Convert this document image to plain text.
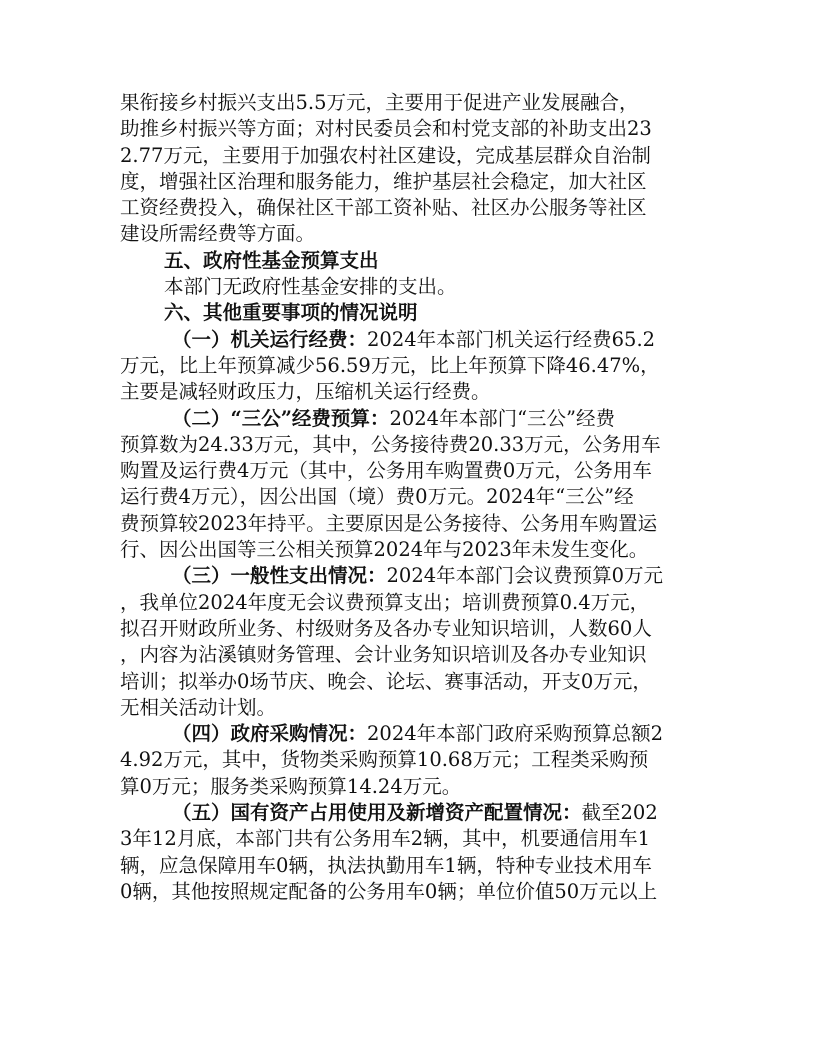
果衔接乡村振兴支出5.5万元，主要用于促进产业发展融合，
助推乡村振兴等方面；对村民委员会和村党支部的补助支出23
2.77万元，主要用于加强农村社区建设，完成基层群众自治制
度，增强社区治理和服务能力，维护基层社会稳定，加大社区
工资经费投入，确保社区干部工资补贴、社区办公服务等社区
建设所需经费等方面。
五、政府性基金预算支出
本部门无政府性基金安排的支出。
六、其他重要事项的情况说明
（一）机关运行经费：2024年本部门机关运行经费65.2
万元，比上年预算减少56.59万元，比上年预算下降46.47%，
主要是减轻财政压力，压缩机关运行经费。
（二）“三公”经费预算：2024年本部门“三公”经费
预算数为24.33万元，其中，公务接待费20.33万元，公务用车
购置及运行费4万元（其中，公务用车购置费0万元，公务用车
运行费4万元），因公出国（境）费0万元。2024年“三公”经
费预算较2023年持平。主要原因是公务接待、公务用车购置运
行、因公出国等三公相关预算2024年与2023年未发生变化。
（三）一般性支出情况：2024年本部门会议费预算0万元
，我单位2024年度无会议费预算支出；培训费预算0.4万元，
拟召开财政所业务、村级财务及各办专业知识培训，人数60人
，内容为沾溪镇财务管理、会计业务知识培训及各办专业知识
培训；拟举办0场节庆、晚会、论坛、赛事活动，开支0万元，
无相关活动计划。
（四）政府采购情况：2024年本部门政府采购预算总额2
4.92万元，其中，货物类采购预算10.68万元；工程类采购预
算0万元；服务类采购预算14.24万元。
（五）国有资产占用使用及新增资产配置情况：截至202
3年12月底，本部门共有公务用车2辆，其中，机要通信用车1
辆，应急保障用车0辆，执法执勤用车1辆，特种专业技术用车
0辆，其他按照规定配备的公务用车0辆；单位价值50万元以上
